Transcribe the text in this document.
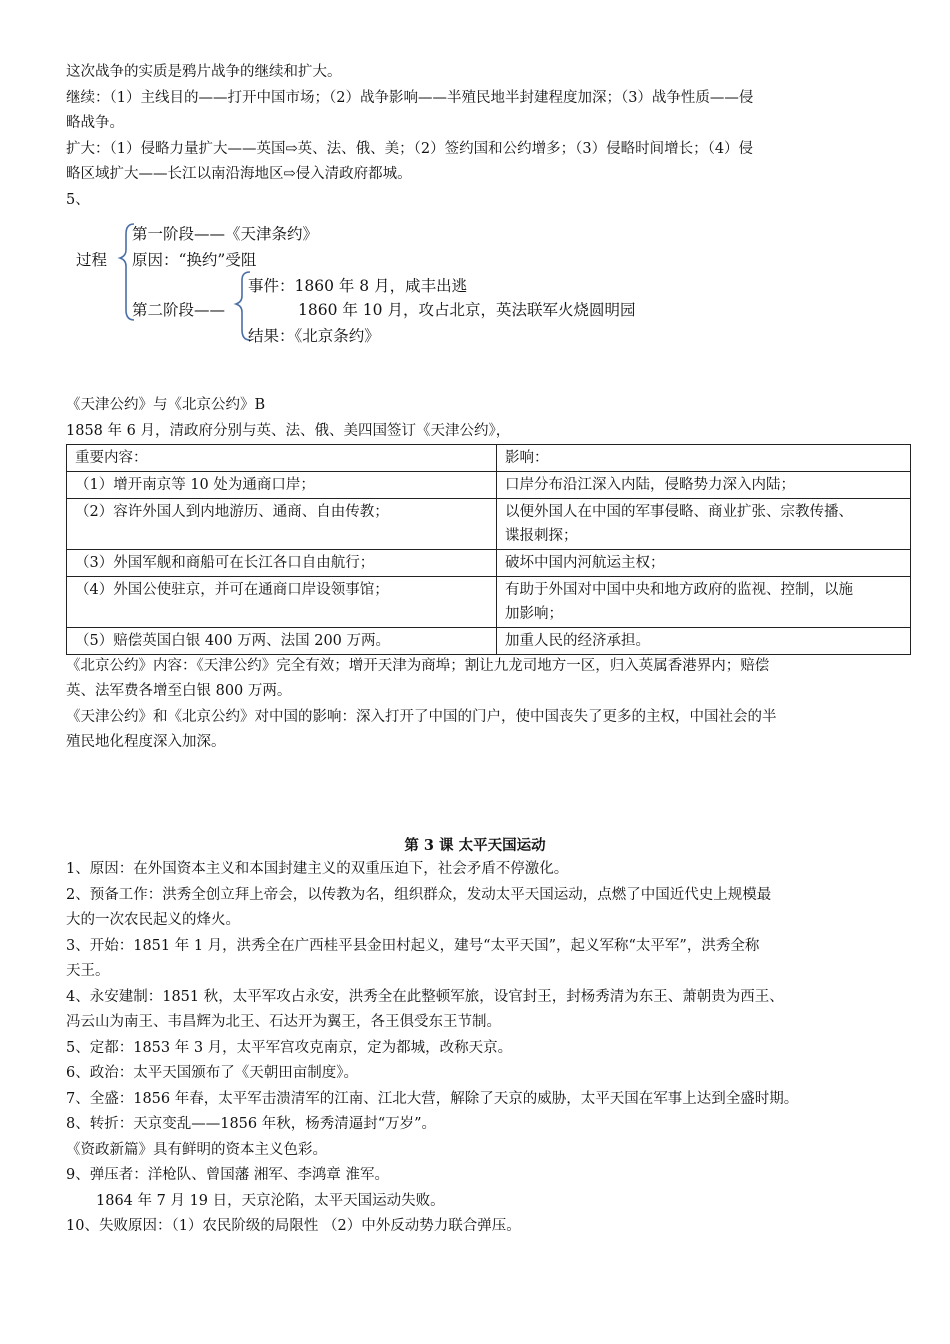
这次战争的实质是鸦片战争的继续和扩大。
继续：（1）主线目的——打开中国市场；（2）战争影响——半殖民地半封建程度加深；（3）战争性质——侵
略战争。
扩大：（1）侵略力量扩大——英国⇨英、法、俄、美；（2）签约国和公约增多；（3）侵略时间增长；（4）侵
略区域扩大——长江以南沿海地区⇨侵入清政府都城。
5、
过程
第一阶段——《天津条约》
原因：“换约”受阻
第二阶段——
事件：1860 年 8 月，咸丰出逃
1860 年 10 月，攻占北京，英法联军火烧圆明园
结果：《北京条约》
《天津公约》与《北京公约》B
1858 年 6 月，清政府分别与英、法、俄、美四国签订《天津公约》，
重要内容：	影响：
（1）增开南京等 10 处为通商口岸；	口岸分布沿江深入内陆，侵略势力深入内陆；
（2）容许外国人到内地游历、通商、自由传教；	以便外国人在中国的军事侵略、商业扩张、宗教传播、
谍报刺探；

（3）外国军舰和商船可在长江各口自由航行；	破坏中国内河航运主权；
（4）外国公使驻京，并可在通商口岸设领事馆；	有助于外国对中国中央和地方政府的监视、控制，以施
加影响；

（5）赔偿英国白银 400 万两、法国 200 万两。	加重人民的经济承担。
《北京公约》内容：《天津公约》完全有效；增开天津为商埠；割让九龙司地方一区，归入英属香港界内；赔偿
英、法军费各增至白银 800 万两。
《天津公约》和《北京公约》对中国的影响：深入打开了中国的门户，使中国丧失了更多的主权，中国社会的半
殖民地化程度深入加深。
第 3 课 太平天国运动
1、原因：在外国资本主义和本国封建主义的双重压迫下，社会矛盾不停激化。
2、预备工作：洪秀全创立拜上帝会，以传教为名，组织群众，发动太平天国运动，点燃了中国近代史上规模最
大的一次农民起义的烽火。
3、开始：1851 年 1 月，洪秀全在广西桂平县金田村起义，建号“太平天国”，起义军称“太平军”，洪秀全称
天王。
4、永安建制：1851 秋，太平军攻占永安，洪秀全在此整顿军旅，设官封王，封杨秀清为东王、萧朝贵为西王、
冯云山为南王、韦昌辉为北王、石达开为翼王，各王俱受东王节制。
5、定都：1853 年 3 月，太平军宫攻克南京，定为都城，改称天京。
6、政治：太平天国颁布了《天朝田亩制度》。
7、全盛：1856 年春，太平军击溃清军的江南、江北大营，解除了天京的威胁，太平天国在军事上达到全盛时期。
8、转折：天京变乱——1856 年秋，杨秀清逼封“万岁”。
《资政新篇》具有鲜明的资本主义色彩。
9、弹压者：洋枪队、曾国藩 湘军、李鸿章 淮军。
1864 年 7 月 19 日，天京沦陷，太平天国运动失败。
10、失败原因：（1）农民阶级的局限性 （2）中外反动势力联合弹压。
